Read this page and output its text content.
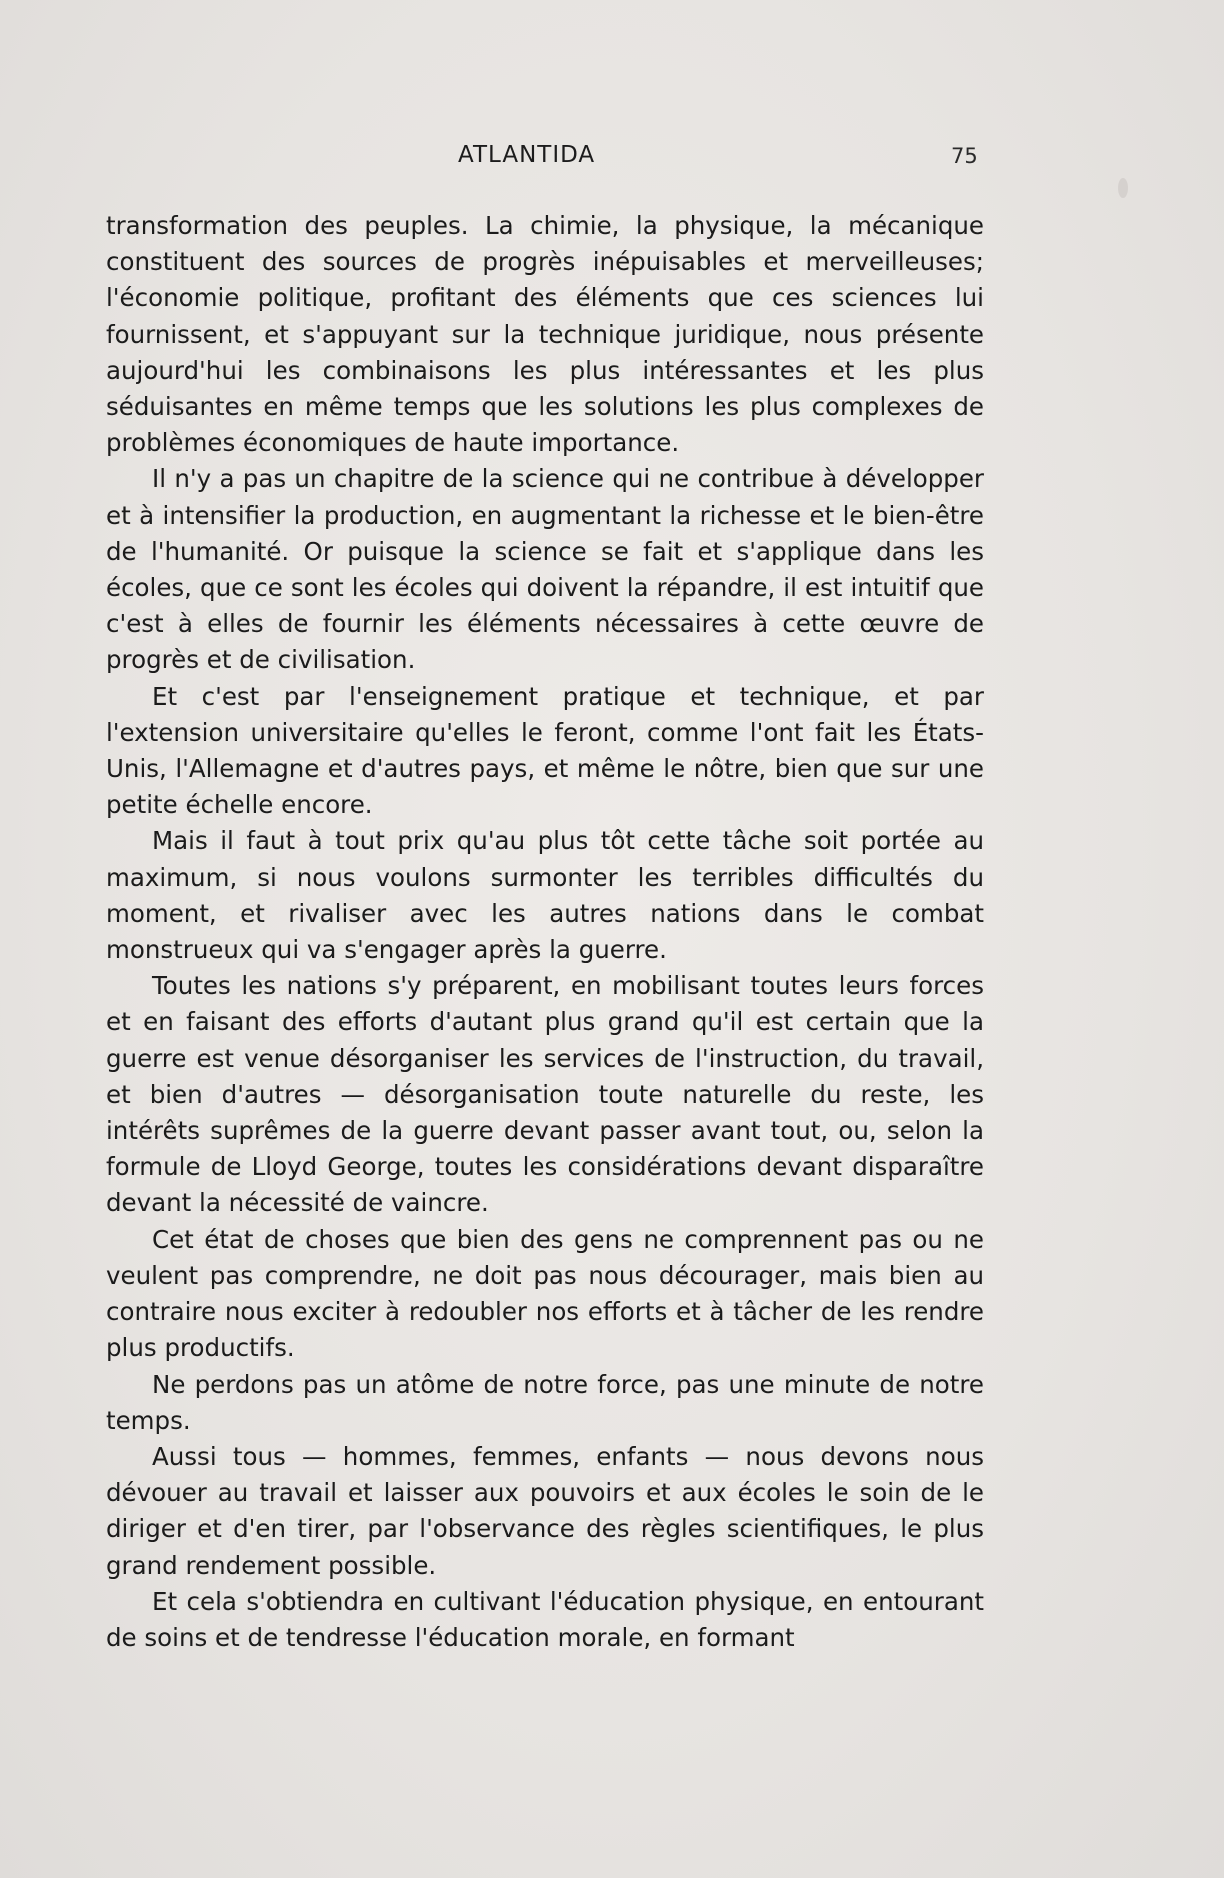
ATLANTIDA	75

transformation des peuples. La chimie, la physique, la mécanique constituent des sources de progrès inépuisables et merveilleuses; l'économie politique, profitant des éléments que ces sciences lui fournissent, et s'appuyant sur la technique juridique, nous présente aujourd'hui les combinaisons les plus intéressantes et les plus séduisantes en même temps que les solutions les plus complexes de problèmes économiques de haute importance.

Il n'y a pas un chapitre de la science qui ne contribue à développer et à intensifier la production, en augmentant la richesse et le bien-être de l'humanité. Or puisque la science se fait et s'applique dans les écoles, que ce sont les écoles qui doivent la répandre, il est intuitif que c'est à elles de fournir les éléments nécessaires à cette œuvre de progrès et de civilisation.

Et c'est par l'enseignement pratique et technique, et par l'extension universitaire qu'elles le feront, comme l'ont fait les États-Unis, l'Allemagne et d'autres pays, et même le nôtre, bien que sur une petite échelle encore.

Mais il faut à tout prix qu'au plus tôt cette tâche soit portée au maximum, si nous voulons surmonter les terribles difficultés du moment, et rivaliser avec les autres nations dans le combat monstrueux qui va s'engager après la guerre.

Toutes les nations s'y préparent, en mobilisant toutes leurs forces et en faisant des efforts d'autant plus grand qu'il est certain que la guerre est venue désorganiser les services de l'instruction, du travail, et bien d'autres — désorganisation toute naturelle du reste, les intérêts suprêmes de la guerre devant passer avant tout, ou, selon la formule de Lloyd George, toutes les considérations devant disparaître devant la nécessité de vaincre.

Cet état de choses que bien des gens ne comprennent pas ou ne veulent pas comprendre, ne doit pas nous décourager, mais bien au contraire nous exciter à redoubler nos efforts et à tâcher de les rendre plus productifs.

Ne perdons pas un atôme de notre force, pas une minute de notre temps.

Aussi tous — hommes, femmes, enfants — nous devons nous dévouer au travail et laisser aux pouvoirs et aux écoles le soin de le diriger et d'en tirer, par l'observance des règles scientifiques, le plus grand rendement possible.

Et cela s'obtiendra en cultivant l'éducation physique, en entourant de soins et de tendresse l'éducation morale, en formant
